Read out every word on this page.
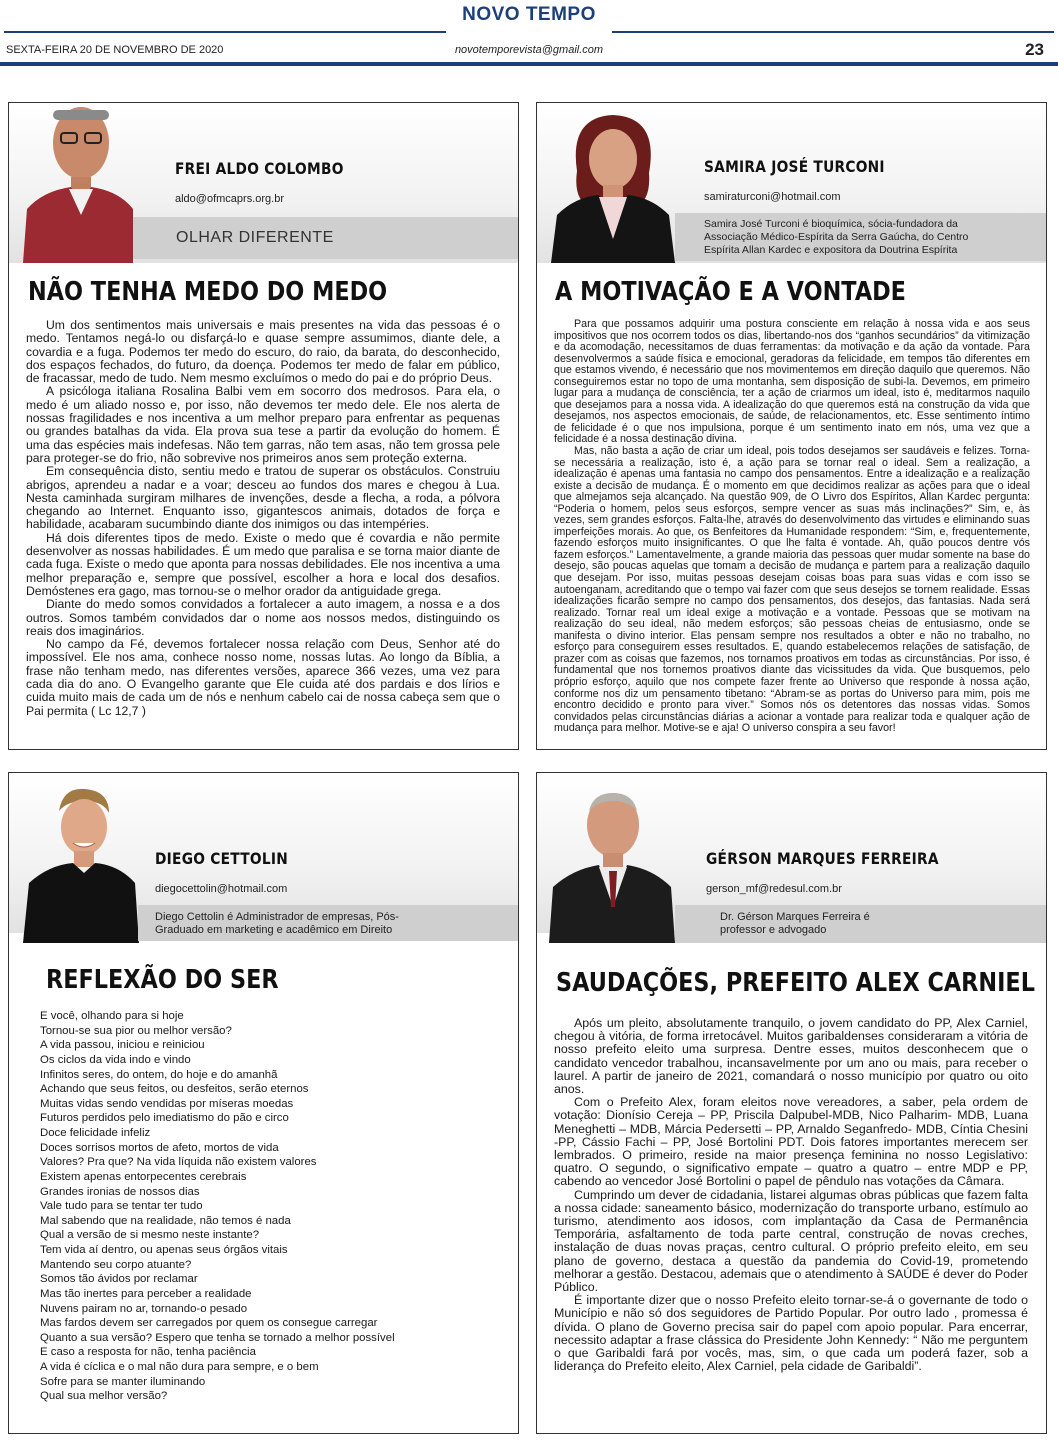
NOVO TEMPO
SEXTA-FEIRA 20 DE NOVEMBRO DE 2020	novotemporevista@gmail.com	23
FREI ALDO COLOMBO
aldo@ofmcaprs.org.br
OLHAR DIFERENTE
NÃO TENHA MEDO DO MEDO

Um dos sentimentos mais universais e mais presentes na vida das pessoas é o medo. Tentamos negá-lo ou disfarçá-lo e quase sempre assumimos, diante dele, a covardia e a fuga. Podemos ter medo do escuro, do raio, da barata, do desconhecido, dos espaços fechados, do futuro, da doença. Podemos ter medo de falar em público, de fracassar, medo de tudo. Nem mesmo excluímos o medo do pai e do próprio Deus.

A psicóloga italiana Rosalina Balbi vem em socorro dos medrosos. Para ela, o medo é um aliado nosso e, por isso, não devemos ter medo dele. Ele nos alerta de nossas fragilidades e nos incentiva a um melhor preparo para enfrentar as pequenas ou grandes batalhas da vida. Ela prova sua tese a partir da evolução do homem. É uma das espécies mais indefesas. Não tem garras, não tem asas, não tem grossa pele para proteger-se do frio, não sobrevive nos primeiros anos sem proteção externa.

Em consequência disto, sentiu medo e tratou de superar os obstáculos. Construiu abrigos, aprendeu a nadar e a voar; desceu ao fundos dos mares e chegou à Lua. Nesta caminhada surgiram milhares de invenções, desde a flecha, a roda, a pólvora chegando ao Internet. Enquanto isso, gigantescos animais, dotados de força e habilidade, acabaram sucumbindo diante dos inimigos ou das intempéries.

Há dois diferentes tipos de medo. Existe o medo que é covardia e não permite desenvolver as nossas habilidades. É um medo que paralisa e se torna maior diante de cada fuga. Existe o medo que aponta para nossas debilidades. Ele nos incentiva a uma melhor preparação e, sempre que possível, escolher a hora e local dos desafios. Demóstenes era gago, mas tornou-se o melhor orador da antiguidade grega.

Diante do medo somos convidados a fortalecer a auto imagem, a nossa e a dos outros. Somos também convidados dar o nome aos nossos medos, distinguindo os reais dos imaginários.

No campo da Fé, devemos fortalecer nossa relação com Deus, Senhor até do impossível. Ele nos ama, conhece nosso nome, nossas lutas. Ao longo da Bíblia, a frase não tenham medo, nas diferentes versões, aparece 366 vezes, uma vez para cada dia do ano. O Evangelho garante que Ele cuida até dos pardais e dos lírios e cuida muito mais de cada um de nós e nenhum cabelo cai de nossa cabeça sem que o Pai permita ( Lc 12,7 )

SAMIRA JOSÉ TURCONI
samiraturconi@hotmail.com
Samira José Turconi é bioquímica, sócia-fundadora da Associação Médico-Espírita da Serra Gaúcha, do Centro Espírita Allan Kardec e expositora da Doutrina Espírita
A MOTIVAÇÃO E A VONTADE

Para que possamos adquirir uma postura consciente em relação à nossa vida e aos seus impositivos que nos ocorrem todos os dias, libertando-nos dos “ganhos secundários” da vitimização e da acomodação, necessitamos de duas ferramentas: da motivação e da ação da vontade. Para desenvolvermos a saúde física e emocional, geradoras da felicidade, em tempos tão diferentes em que estamos vivendo, é necessário que nos movimentemos em direção daquilo que queremos. Não conseguiremos estar no topo de uma montanha, sem disposição de subi-la. Devemos, em primeiro lugar para a mudança de consciência, ter a ação de criarmos um ideal, isto é, meditarmos naquilo que desejamos para a nossa vida. A idealização do que queremos está na construção da vida que desejamos, nos aspectos emocionais, de saúde, de relacionamentos, etc. Esse sentimento íntimo de felicidade é o que nos impulsiona, porque é um sentimento inato em nós, uma vez que a felicidade é a nossa destinação divina.

Mas, não basta a ação de criar um ideal, pois todos desejamos ser saudáveis e felizes. Torna-se necessária a realização, isto é, a ação para se tornar real o ideal. Sem a realização, a idealização é apenas uma fantasia no campo dos pensamentos. Entre a idealização e a realização existe a decisão de mudança. É o momento em que decidimos realizar as ações para que o ideal que almejamos seja alcançado. Na questão 909, de O Livro dos Espíritos, Allan Kardec pergunta: “Poderia o homem, pelos seus esforços, sempre vencer as suas más inclinações?” Sim, e, às vezes, sem grandes esforços. Falta-lhe, através do desenvolvimento das virtudes e eliminando suas imperfeições morais. Ao que, os Benfeitores da Humanidade respondem: “Sim, e, frequentemente, fazendo esforços muito insignificantes. O que lhe falta é vontade. Ah, quão poucos dentre vós fazem esforços.” Lamentavelmente, a grande maioria das pessoas quer mudar somente na base do desejo, são poucas aquelas que tomam a decisão de mudança e partem para a realização daquilo que desejam. Por isso, muitas pessoas desejam coisas boas para suas vidas e com isso se autoenganam, acreditando que o tempo vai fazer com que seus desejos se tornem realidade. Essas idealizações ficarão sempre no campo dos pensamentos, dos desejos, das fantasias. Nada será realizado. Tornar real um ideal exige a motivação e a vontade. Pessoas que se motivam na realização do seu ideal, não medem esforços; são pessoas cheias de entusiasmo, onde se manifesta o divino interior. Elas pensam sempre nos resultados a obter e não no trabalho, no esforço para conseguirem esses resultados. E, quando estabelecemos relações de satisfação, de prazer com as coisas que fazemos, nos tornamos proativos em todas as circunstâncias. Por isso, é fundamental que nos tornemos proativos diante das vicissitudes da vida. Que busquemos, pelo próprio esforço, aquilo que nos compete fazer frente ao Universo que responde à nossa ação, conforme nos diz um pensamento tibetano: “Abram-se as portas do Universo para mim, pois me encontro decidido e pronto para viver.” Somos nós os detentores das nossas vidas. Somos convidados pelas circunstâncias diárias a acionar a vontade para realizar toda e qualquer ação de mudança para melhor. Motive-se e aja! O universo conspira a seu favor!

DIEGO CETTOLIN
diegocettolin@hotmail.com
Diego Cettolin é Administrador de empresas, Pós-Graduado em marketing e acadêmico em Direito
REFLEXÃO DO SER
E você, olhando para si hoje
Tornou-se sua pior ou melhor versão?
A vida passou, iniciou e reiniciou
Os ciclos da vida indo e vindo
Infinitos seres, do ontem, do hoje e do amanhã
Achando que seus feitos, ou desfeitos, serão eternos
Muitas vidas sendo vendidas por míseras moedas
Futuros perdidos pelo imediatismo do pão e circo
Doce felicidade infeliz
Doces sorrisos mortos de afeto, mortos de vida
Valores? Pra que? Na vida líquida não existem valores
Existem apenas entorpecentes cerebrais
Grandes ironias de nossos dias
Vale tudo para se tentar ter tudo
Mal sabendo que na realidade, não temos é nada
Qual a versão de si mesmo neste instante?
Tem vida aí dentro, ou apenas seus órgãos vitais
Mantendo seu corpo atuante?
Somos tão ávidos por reclamar
Mas tão inertes para perceber a realidade
Nuvens pairam no ar, tornando-o pesado
Mas fardos devem ser carregados por quem os consegue carregar
Quanto a sua versão? Espero que tenha se tornado a melhor possível
E caso a resposta for não, tenha paciência
A vida é cíclica e o mal não dura para sempre, e o bem
Sofre para se manter iluminando
Qual sua melhor versão?
GÉRSON MARQUES FERREIRA
gerson_mf@redesul.com.br
Dr. Gérson Marques Ferreira é
professor e advogado
SAUDAÇÕES, PREFEITO ALEX CARNIEL

Após um pleito, absolutamente tranquilo, o jovem candidato do PP, Alex Carniel, chegou à vitória, de forma irretocável. Muitos garibaldenses consideraram a vitória de nosso prefeito eleito uma surpresa. Dentre esses, muitos desconhecem que o candidato vencedor trabalhou, incansavelmente por um ano ou mais, para receber o laurel. A partir de janeiro de 2021, comandará o nosso município por quatro ou oito anos.

Com o Prefeito Alex, foram eleitos nove vereadores, a saber, pela ordem de votação: Dionísio Cereja – PP, Priscila Dalpubel-MDB, Nico Palharim- MDB, Luana Meneghetti – MDB, Márcia Pedersetti – PP, Arnaldo Seganfredo- MDB, Cíntia Chesini -PP, Cássio Fachi – PP, José Bortolini PDT. Dois fatores importantes merecem ser lembrados. O primeiro, reside na maior presença feminina no nosso Legislativo: quatro. O segundo, o significativo empate – quatro a quatro – entre MDP e PP, cabendo ao vencedor José Bortolini o papel de pêndulo nas votações da Câmara.

Cumprindo um dever de cidadania, listarei algumas obras públicas que fazem falta a nossa cidade: saneamento básico, modernização do transporte urbano, estímulo ao turismo, atendimento aos idosos, com implantação da Casa de Permanência Temporária, asfaltamento de toda parte central, construção de novas creches, instalação de duas novas praças, centro cultural. O próprio prefeito eleito, em seu plano de governo, destaca a questão da pandemia do Covid-19, prometendo melhorar a gestão. Destacou, ademais que o atendimento à SAÚDE é dever do Poder Público.

É importante dizer que o nosso Prefeito eleito tornar-se-á o governante de todo o Município e não só dos seguidores de Partido Popular. Por outro lado , promessa é dívida. O plano de Governo precisa sair do papel com apoio popular. Para encerrar, necessito adaptar a frase clássica do Presidente John Kennedy: “ Não me perguntem o que Garibaldi fará por vocês, mas, sim, o que cada um poderá fazer, sob a liderança do Prefeito eleito, Alex Carniel, pela cidade de Garibaldi”.
